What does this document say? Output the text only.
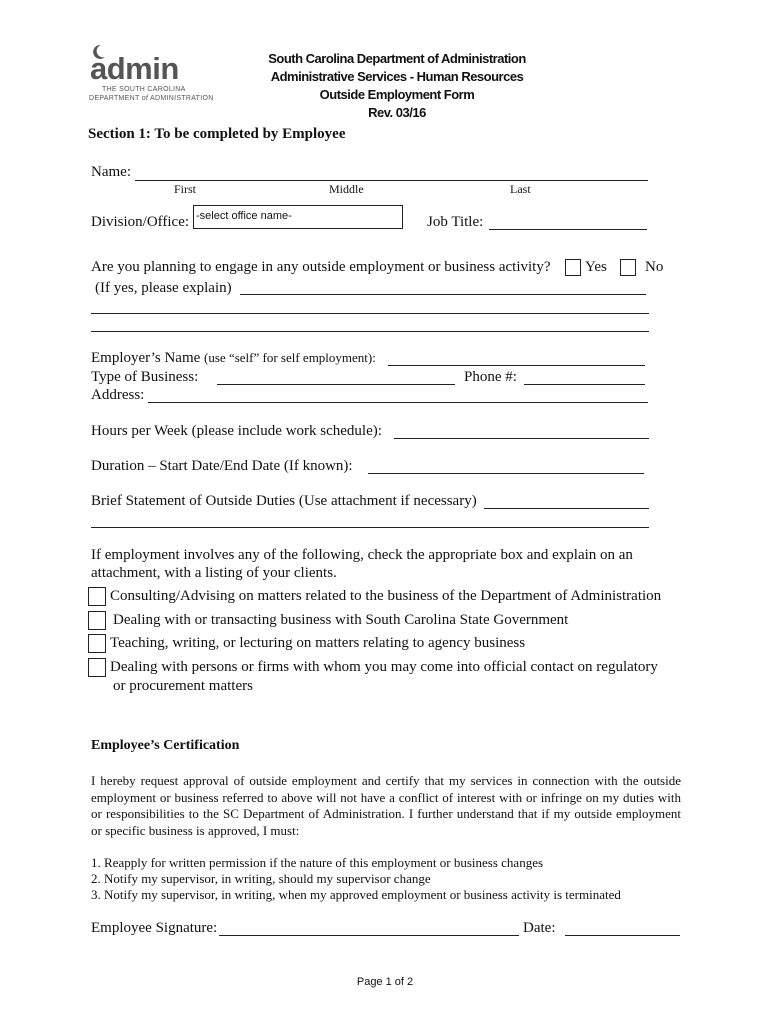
admin
THE SOUTH CAROLINA
DEPARTMENT of ADMINISTRATION
South Carolina Department of Administration
Administrative Services - Human Resources
Outside Employment Form
Rev. 03/16
Section 1: To be completed by Employee
Name:
First	Middle	Last
Division/Office: -select office name-	Job Title:
Are you planning to engage in any outside employment or business activity? Yes	No
(If yes, please explain)
Employer’s Name (use “self” for self employment):
Type of Business:	Phone #:
Address:
Hours per Week (please include work schedule):
Duration – Start Date/End Date (If known):
Brief Statement of Outside Duties (Use attachment if necessary)
If employment involves any of the following, check the appropriate box and explain on an
attachment, with a listing of your clients.
Consulting/Advising on matters related to the business of the Department of Administration
Dealing with or transacting business with South Carolina State Government
Teaching, writing, or lecturing on matters relating to agency business
Dealing with persons or firms with whom you may come into official contact on regulatory
or procurement matters
Employee’s Certification
I hereby request approval of outside employment and certify that my services in connection with the outside employment or business referred to above will not have a conflict of interest with or infringe on my duties with or responsibilities to the SC Department of Administration. I further understand that if my outside employment or specific business is approved, I must:
1. Reapply for written permission if the nature of this employment or business changes
2. Notify my supervisor, in writing, should my supervisor change
3. Notify my supervisor, in writing, when my approved employment or business activity is terminated
Employee Signature:	Date:
Page 1 of 2
